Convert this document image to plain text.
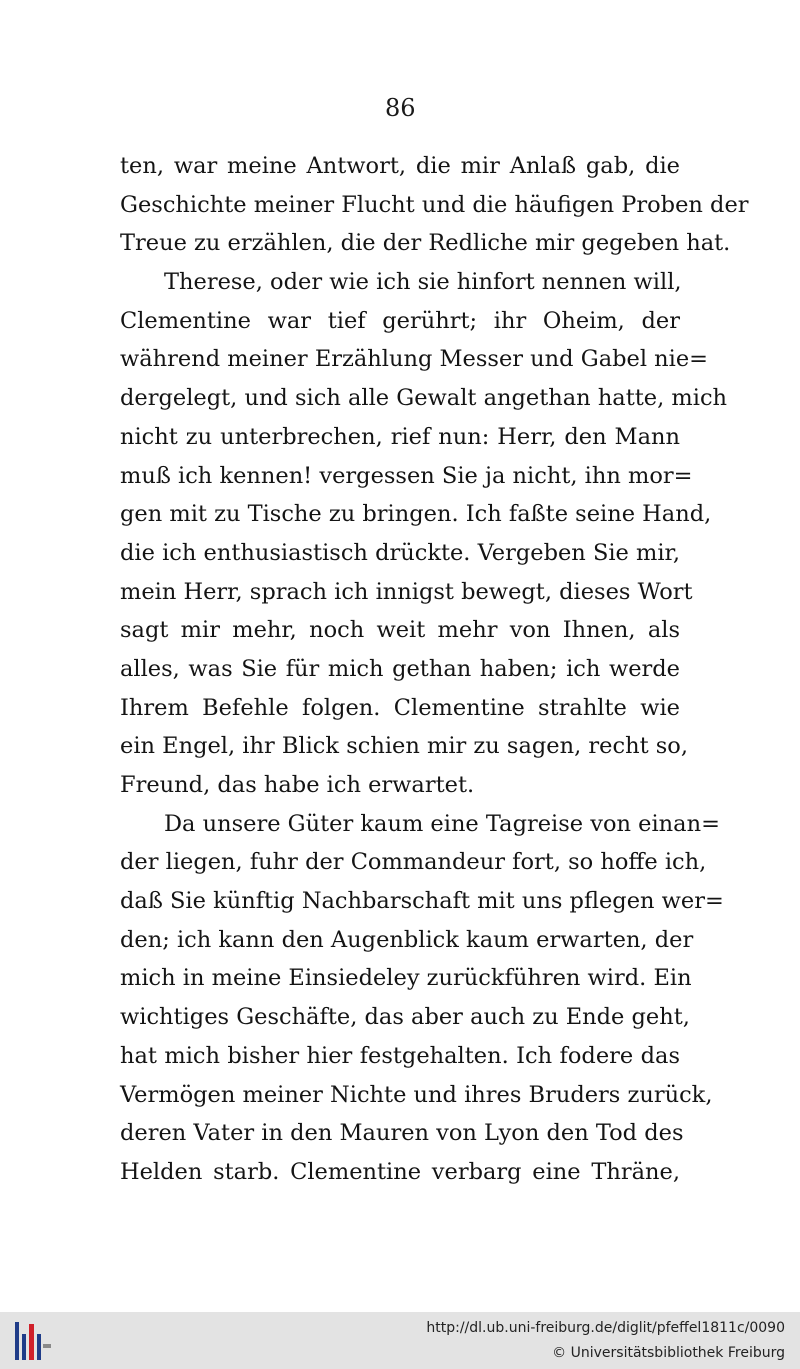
86
ten, war meine Antwort, die mir Anlaß gab, die
Geschichte meiner Flucht und die häufigen Proben der
Treue zu erzählen, die der Redliche mir gegeben hat.
Therese, oder wie ich sie hinfort nennen will,
Clementine war tief gerührt; ihr Oheim, der
während meiner Erzählung Messer und Gabel nie=
dergelegt, und sich alle Gewalt angethan hatte, mich
nicht zu unterbrechen, rief nun: Herr, den Mann
muß ich kennen! vergessen Sie ja nicht, ihn mor=
gen mit zu Tische zu bringen. Ich faßte seine Hand,
die ich enthusiastisch drückte. Vergeben Sie mir,
mein Herr, sprach ich innigst bewegt, dieses Wort
sagt mir mehr, noch weit mehr von Ihnen, als
alles, was Sie für mich gethan haben; ich werde
Ihrem Befehle folgen. Clementine strahlte wie
ein Engel, ihr Blick schien mir zu sagen, recht so,
Freund, das habe ich erwartet.
Da unsere Güter kaum eine Tagreise von einan=
der liegen, fuhr der Commandeur fort, so hoffe ich,
daß Sie künftig Nachbarschaft mit uns pflegen wer=
den; ich kann den Augenblick kaum erwarten, der
mich in meine Einsiedeley zurückführen wird. Ein
wichtiges Geschäfte, das aber auch zu Ende geht,
hat mich bisher hier festgehalten. Ich fodere das
Vermögen meiner Nichte und ihres Bruders zurück,
deren Vater in den Mauren von Lyon den Tod des
Helden starb. Clementine verbarg eine Thräne,
http://dl.ub.uni-freiburg.de/diglit/pfeffel1811c/0090
© Universitätsbibliothek Freiburg
